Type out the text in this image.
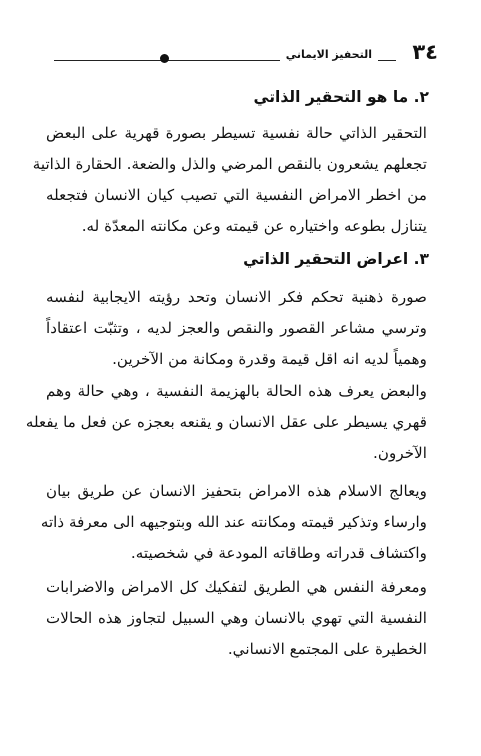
٣٤
التحفيز الايماني
٢. ما هو التحقير الذاتي
التحقير الذاتي حالة نفسية تسيطر بصورة قهرية على البعض
تجعلهم يشعرون بالنقص المرضي والذل والضعة. الحقارة الذاتية
من اخطر الامراض النفسية التي تصيب كيان الانسان فتجعله
يتنازل بطوعه واختياره عن قيمته وعن مكانته المعدّة له.
٣. اعراض التحقير الذاتي
صورة ذهنية تحكم فكر الانسان وتحد رؤيته الايجابية لنفسه
وترسي مشاعر القصور والنقص والعجز لديه ، وتثبّت اعتقاداً
وهمياً لديه انه اقل قيمة وقدرة ومكانة من الآخرين.
والبعض يعرف هذه الحالة بالهزيمة النفسية ، وهي حالة وهم
قهري يسيطر على عقل الانسان و يقنعه بعجزه عن فعل ما يفعله
الآخرون.
ويعالج الاسلام هذه الامراض بتحفيز الانسان عن طريق بيان
وارساء وتذكير قيمته ومكانته عند الله وبتوجيهه الى معرفة ذاته
واكتشاف قدراته وطاقاته المودعة في شخصيته.
ومعرفة النفس هي الطريق لتفكيك كل الامراض والاضرابات
النفسية التي تهوي بالانسان وهي السبيل لتجاوز هذه الحالات
الخطيرة على المجتمع الانساني.
